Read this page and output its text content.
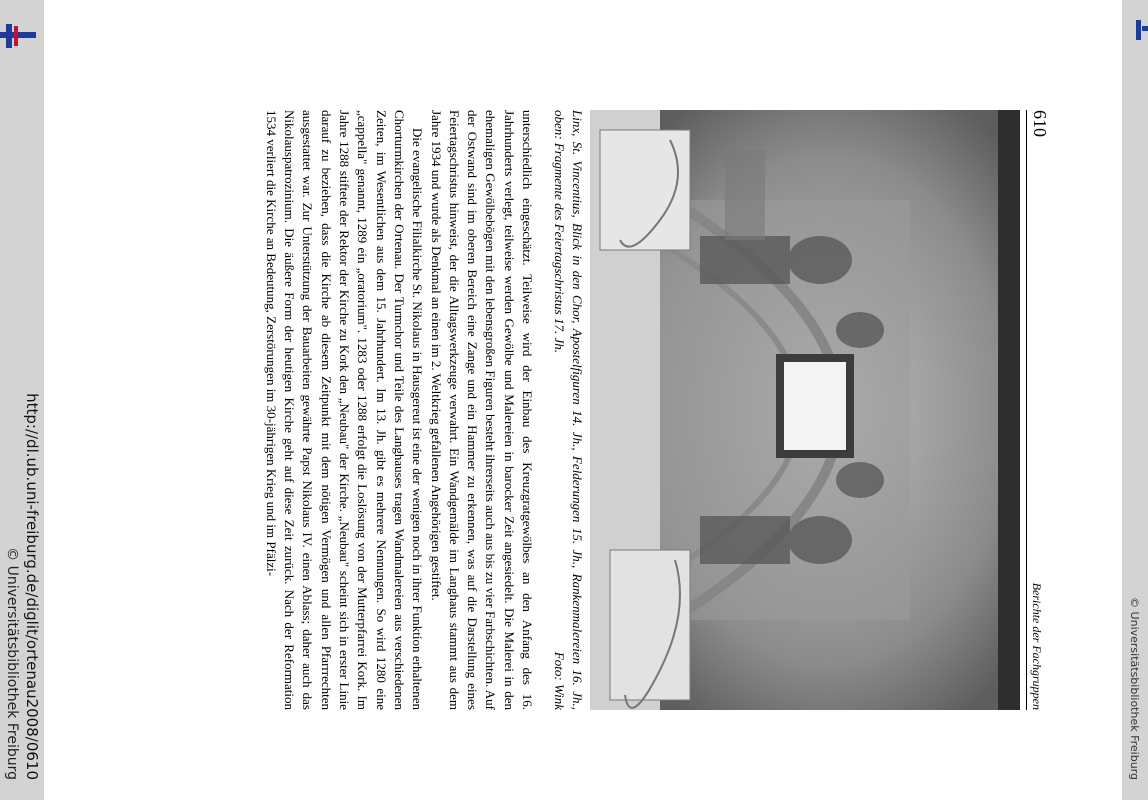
http://dl.ub.uni-freiburg.de/diglit/ortenau2008/0610
© Universitätsbibliothek Freiburg	© Universitätsbibliothek Freiburg
610
Berichte der Fachgruppen
Linx, St. Vincentius, Blick in den Chor, Apostelfiguren 14. Jh., Felderungen 15. Jh., Rankenmalereien 16. Jh., oben: Fragmente des Feiertagschristus 17. Jh.
Foto: Wink

unterschiedlich eingeschätzt. Teilweise wird der Einbau des Kreuzgratgewölbes an den Anfang des 16. Jahrhunderts verlegt, teilweise werden Gewölbe und Malereien in barocker Zeit angesiedelt. Die Malerei in den ehemaligen Gewölbebögen mit den lebensgroßen Figuren besteht ihrerseits auch aus bis zu vier Farbschichten. Auf der Ostwand sind im oberen Bereich eine Zange und ein Hammer zu erkennen, was auf die Darstellung eines Feiertagschristus hinweist, der die Alltagswerkzeuge verwahrt. Ein Wandgemälde im Langhaus stammt aus dem Jahre 1934 und wurde als Denkmal an einen im 2. Weltkrieg gefallenen Angehörigen gestiftet.

Die evangelische Filialkirche St. Nikolaus in Hausgereut ist eine der wenigen noch in ihrer Funktion erhaltenen Chorturmkirchen der Ortenau. Der Turmchor und Teile des Langhauses tragen Wandmalereien aus verschiedenen Zeiten, im Wesentlichen aus dem 15. Jahrhundert. Im 13. Jh. gibt es mehrere Nennungen. So wird 1280 eine „cappella" genannt, 1289 ein „oratorium". 1283 oder 1288 erfolgt die Loslösung von der Mutterpfarrei Kork. Im Jahre 1288 stiftete der Rektor der Kirche zu Kork den „Neubau" der Kirche. „Neubau" scheint sich in erster Linie darauf zu beziehen, dass die Kirche ab diesem Zeitpunkt mit dem nötigen Vermögen und allen Pfarrrechten ausgestattet war. Zur Unterstützung der Bauarbeiten gewährte Papst Nikolaus IV. einen Ablass; daher auch das Nikolauspatrozinium. Die äußere Form der heutigen Kirche geht auf diese Zeit zurück. Nach der Reformation 1534 verliert die Kirche an Bedeutung, Zerstörungen im 30-jährigen Krieg und im Pfälzi-
